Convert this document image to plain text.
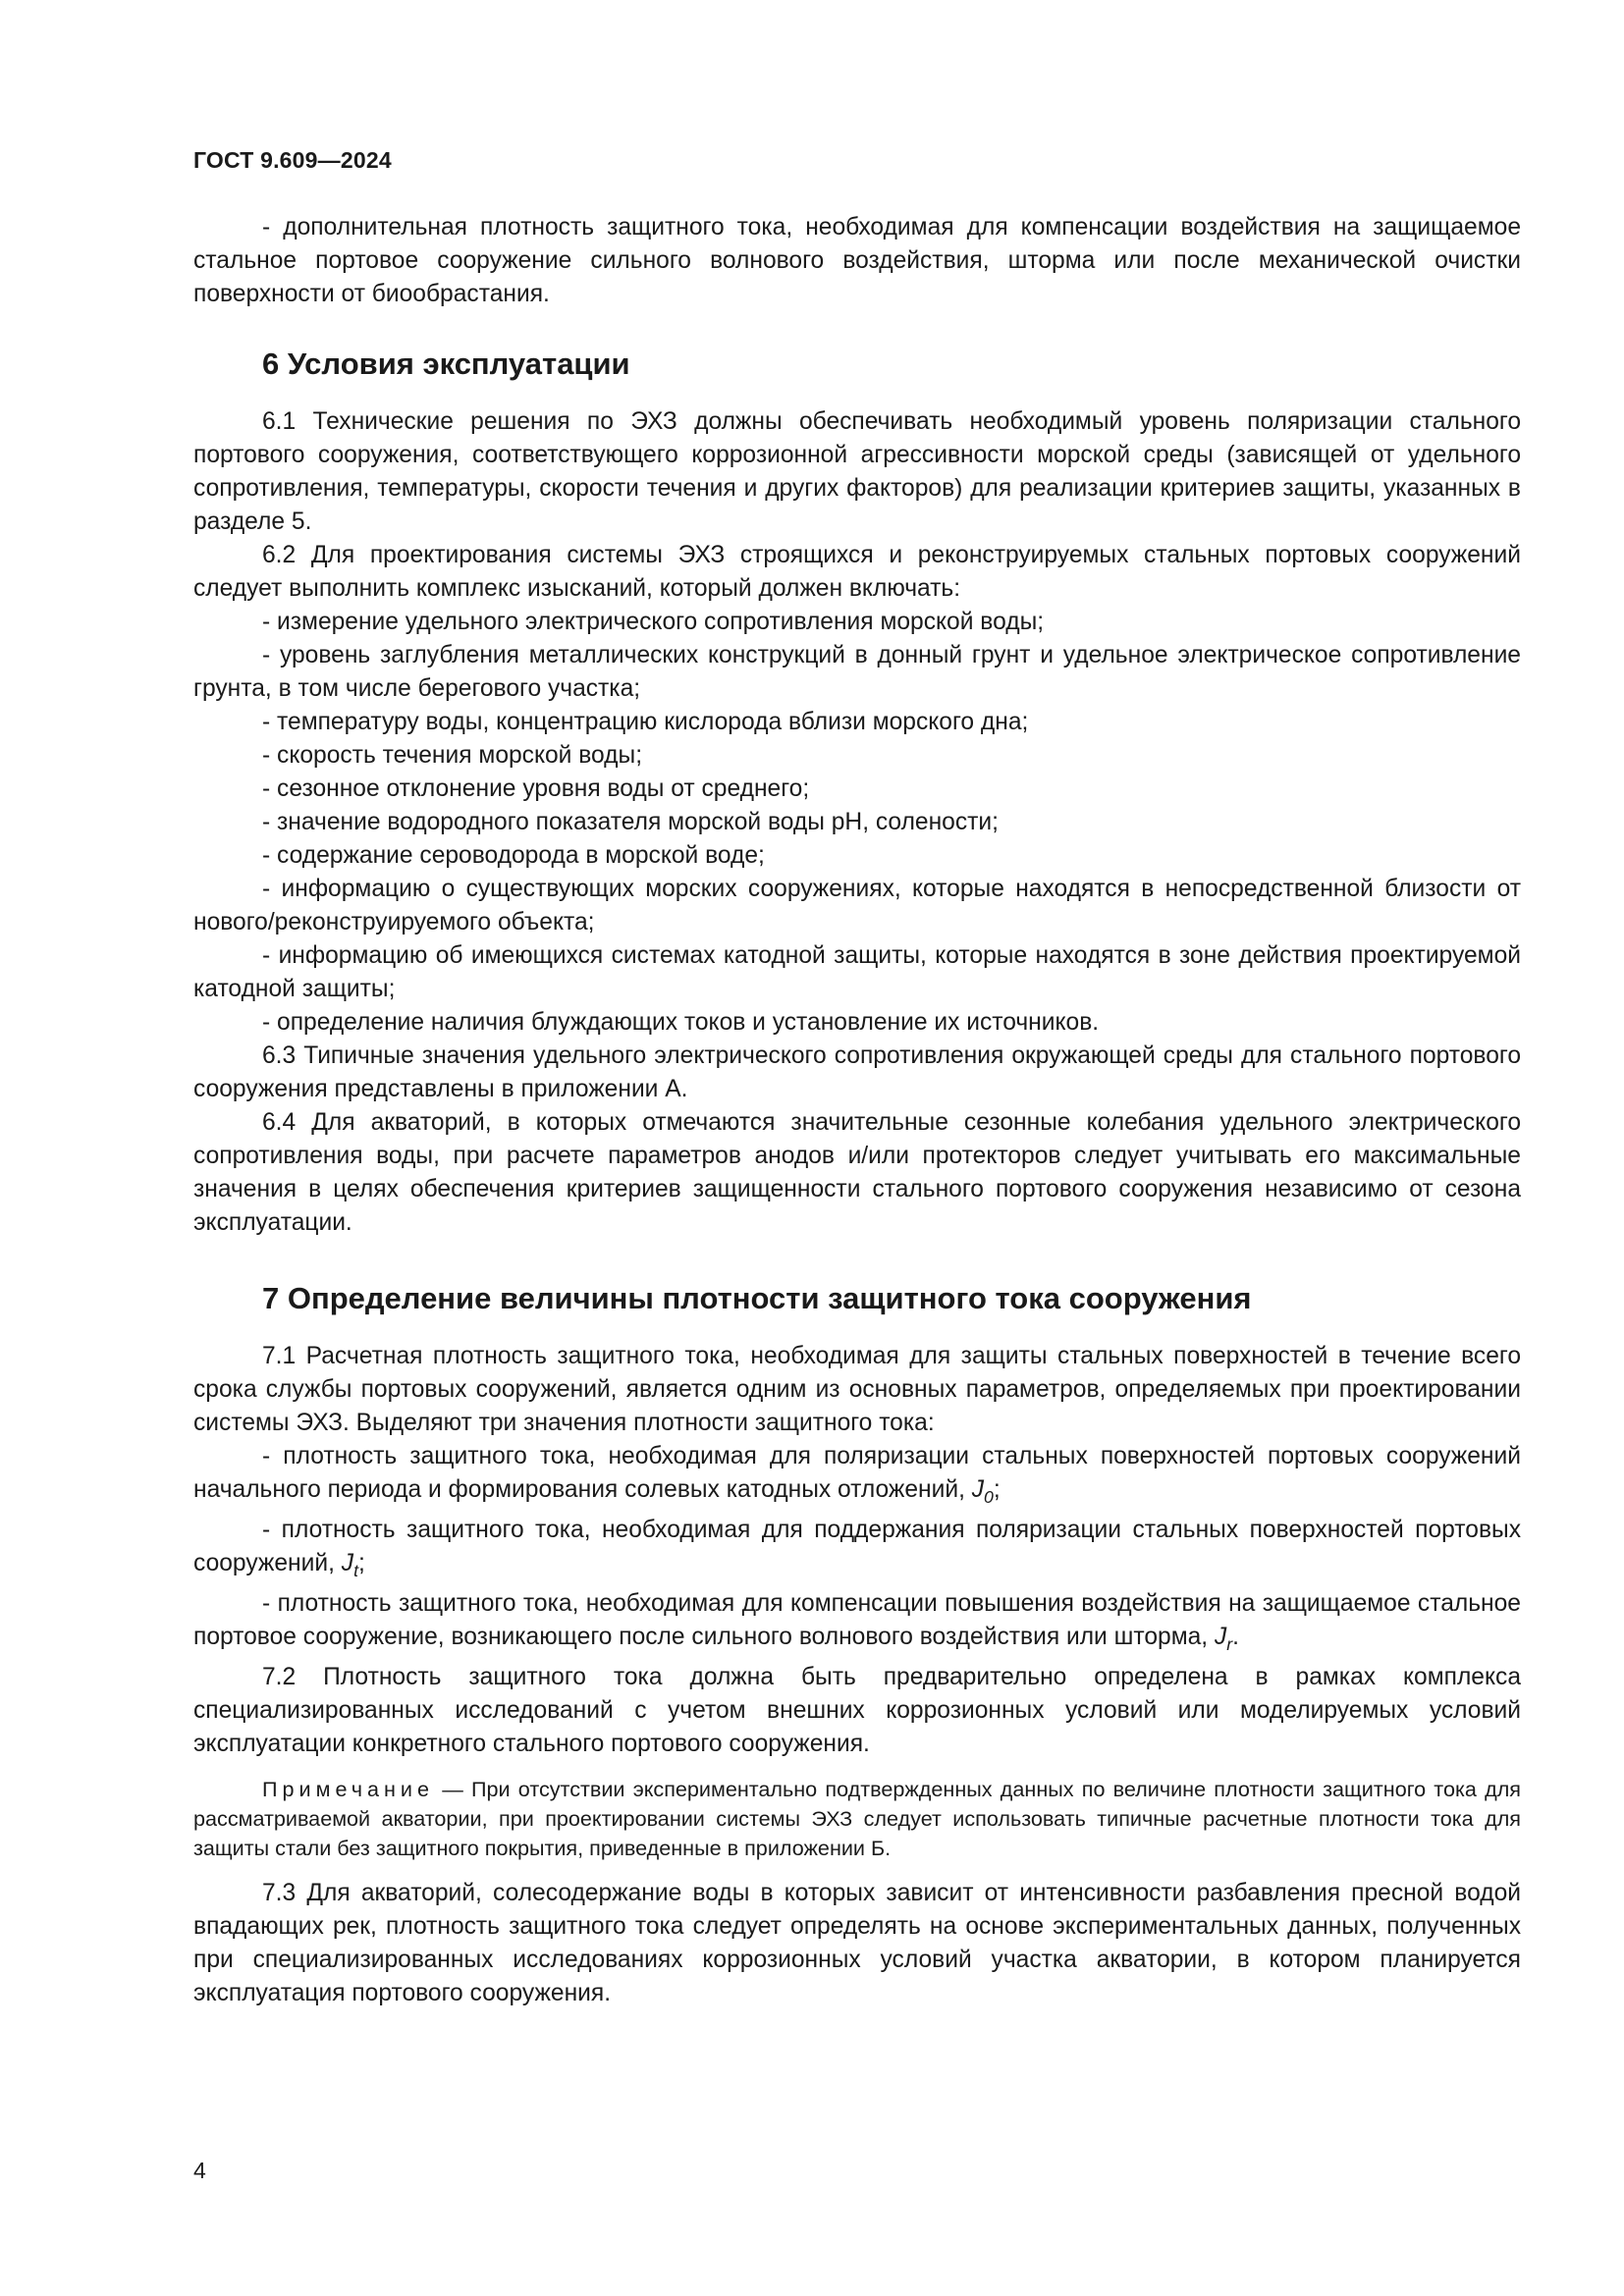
ГОСТ 9.609—2024

- дополнительная плотность защитного тока, необходимая для компенсации воздействия на защищаемое стальное портовое сооружение сильного волнового воздействия, шторма или после механической очистки поверхности от биообрастания.

6 Условия эксплуатации

6.1 Технические решения по ЭХЗ должны обеспечивать необходимый уровень поляризации стального портового сооружения, соответствующего коррозионной агрессивности морской среды (зависящей от удельного сопротивления, температуры, скорости течения и других факторов) для реализации критериев защиты, указанных в разделе 5.

6.2 Для проектирования системы ЭХЗ строящихся и реконструируемых стальных портовых сооружений следует выполнить комплекс изысканий, который должен включать:

- измерение удельного электрического сопротивления морской воды;

- уровень заглубления металлических конструкций в донный грунт и удельное электрическое сопротивление грунта, в том числе берегового участка;

- температуру воды, концентрацию кислорода вблизи морского дна;

- скорость течения морской воды;

- сезонное отклонение уровня воды от среднего;

- значение водородного показателя морской воды pH, солености;

- содержание сероводорода в морской воде;

- информацию о существующих морских сооружениях, которые находятся в непосредственной близости от нового/реконструируемого объекта;

- информацию об имеющихся системах катодной защиты, которые находятся в зоне действия проектируемой катодной защиты;

- определение наличия блуждающих токов и установление их источников.

6.3 Типичные значения удельного электрического сопротивления окружающей среды для стального портового сооружения представлены в приложении А.

6.4 Для акваторий, в которых отмечаются значительные сезонные колебания удельного электрического сопротивления воды, при расчете параметров анодов и/или протекторов следует учитывать его максимальные значения в целях обеспечения критериев защищенности стального портового сооружения независимо от сезона эксплуатации.

7 Определение величины плотности защитного тока сооружения

7.1 Расчетная плотность защитного тока, необходимая для защиты стальных поверхностей в течение всего срока службы портовых сооружений, является одним из основных параметров, определяемых при проектировании системы ЭХЗ. Выделяют три значения плотности защитного тока:

- плотность защитного тока, необходимая для поляризации стальных поверхностей портовых сооружений начального периода и формирования солевых катодных отложений, $J_0$;

- плотность защитного тока, необходимая для поддержания поляризации стальных поверхностей портовых сооружений, $J_t$;

- плотность защитного тока, необходимая для компенсации повышения воздействия на защищаемое стальное портовое сооружение, возникающего после сильного волнового воздействия или шторма, $J_r$.

7.2 Плотность защитного тока должна быть предварительно определена в рамках комплекса специализированных исследований с учетом внешних коррозионных условий или моделируемых условий эксплуатации конкретного стального портового сооружения.

Примечание — При отсутствии экспериментально подтвержденных данных по величине плотности защитного тока для рассматриваемой акватории, при проектировании системы ЭХЗ следует использовать типичные расчетные плотности тока для защиты стали без защитного покрытия, приведенные в приложении Б.

7.3 Для акваторий, солесодержание воды в которых зависит от интенсивности разбавления пресной водой впадающих рек, плотность защитного тока следует определять на основе экспериментальных данных, полученных при специализированных исследованиях коррозионных условий участка акватории, в котором планируется эксплуатация портового сооружения.

4
